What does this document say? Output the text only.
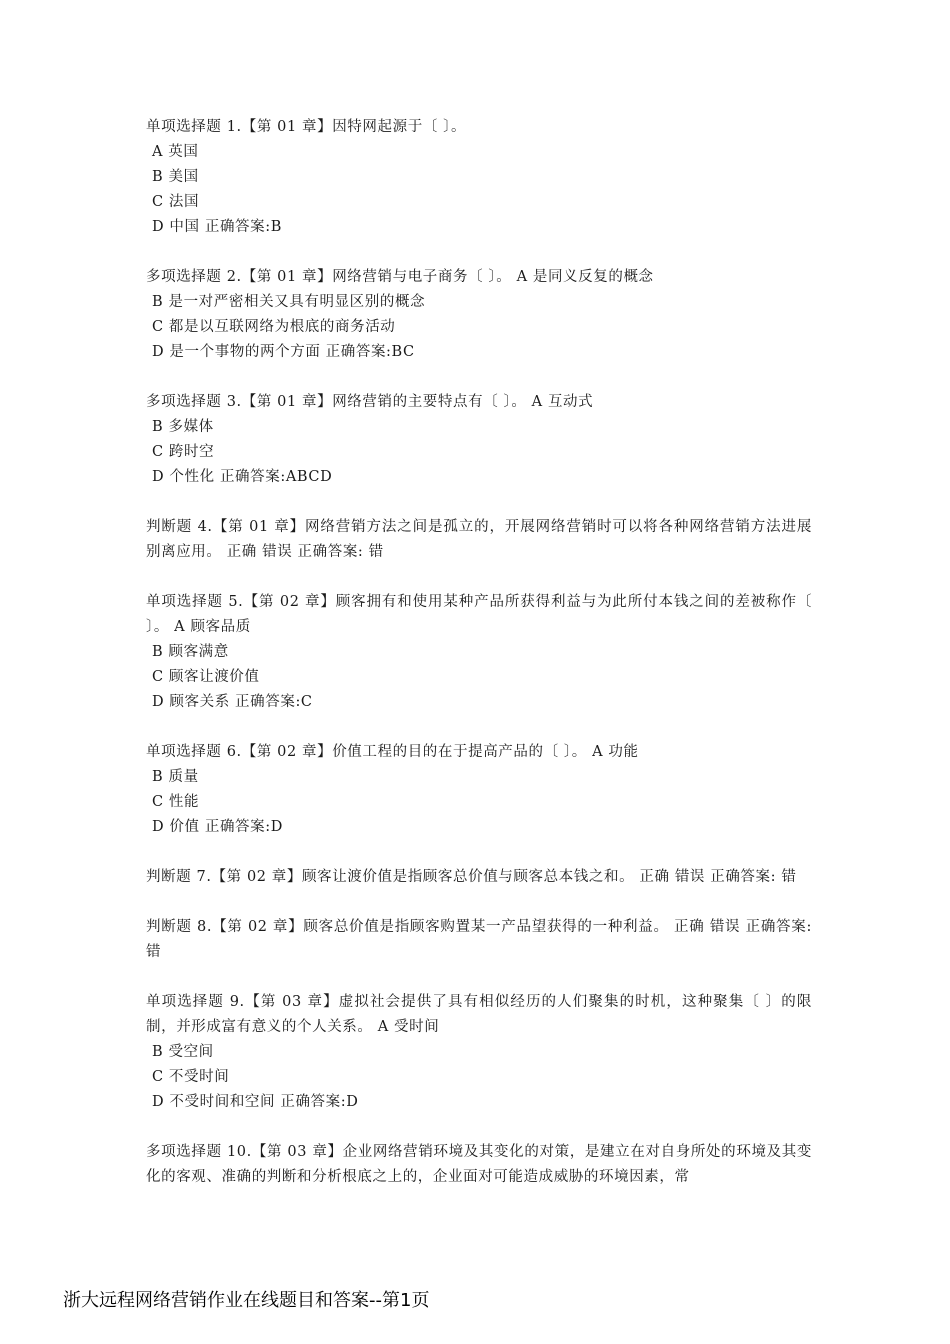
单项选择题 1.【第 01 章】因特网起源于〔 〕。
A 英国
B 美国
C 法国
D 中国 正确答案:B
多项选择题 2.【第 01 章】网络营销与电子商务〔 〕。 A 是同义反复的概念
B 是一对严密相关又具有明显区别的概念
C 都是以互联网络为根底的商务活动
D 是一个事物的两个方面 正确答案:BC
多项选择题 3.【第 01 章】网络营销的主要特点有〔 〕。 A 互动式
B 多媒体
C 跨时空
D 个性化 正确答案:ABCD
判断题 4.【第 01 章】网络营销方法之间是孤立的，开展网络营销时可以将各种网络营销方法进展别离应用。 正确 错误 正确答案: 错
单项选择题 5.【第 02 章】顾客拥有和使用某种产品所获得利益与为此所付本钱之间的差被称作〔 〕。 A 顾客品质
B 顾客满意
C 顾客让渡价值
D 顾客关系 正确答案:C
单项选择题 6.【第 02 章】价值工程的目的在于提高产品的〔 〕。 A 功能
B 质量
C 性能
D 价值 正确答案:D
判断题 7.【第 02 章】顾客让渡价值是指顾客总价值与顾客总本钱之和。 正确 错误 正确答案: 错
判断题 8.【第 02 章】顾客总价值是指顾客购置某一产品望获得的一种利益。 正确 错误 正确答案: 错
单项选择题 9.【第 03 章】虚拟社会提供了具有相似经历的人们聚集的时机，这种聚集〔 〕的限制，并形成富有意义的个人关系。 A 受时间
B 受空间
C 不受时间
D 不受时间和空间 正确答案:D
多项选择题 10.【第 03 章】企业网络营销环境及其变化的对策，是建立在对自身所处的环境及其变化的客观、准确的判断和分析根底之上的，企业面对可能造成威胁的环境因素，常
浙大远程网络营销作业在线题目和答案--第1页
